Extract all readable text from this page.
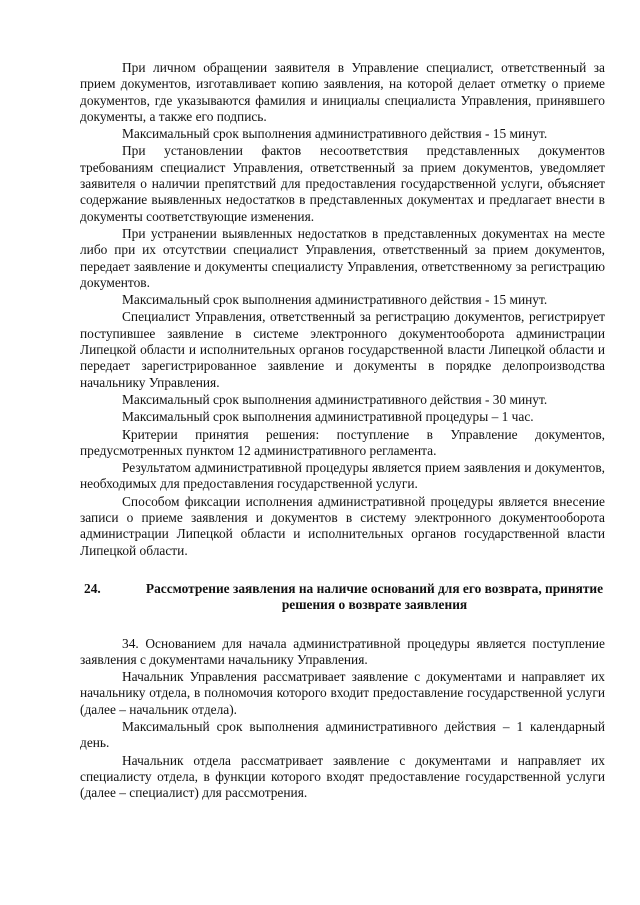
При личном обращении заявителя в Управление специалист, ответственный за прием документов, изготавливает копию заявления, на которой делает отметку о приеме документов, где указываются фамилия и инициалы специалиста Управления, принявшего документы, а также его подпись.

Максимальный срок выполнения административного действия - 15 минут.

При установлении фактов несоответствия представленных документов требованиям специалист Управления, ответственный за прием документов, уведомляет заявителя о наличии препятствий для предоставления государственной услуги, объясняет содержание выявленных недостатков в представленных документах и предлагает внести в документы соответствующие изменения.

При устранении выявленных недостатков в представленных документах на месте либо при их отсутствии специалист Управления, ответственный за прием документов, передает заявление и документы специалисту Управления, ответственному за регистрацию документов.

Максимальный срок выполнения административного действия - 15 минут.

Специалист Управления, ответственный за регистрацию документов, регистрирует поступившее заявление в системе электронного документооборота администрации Липецкой области и исполнительных органов государственной власти Липецкой области и передает зарегистрированное заявление и документы в порядке делопроизводства начальнику Управления.

Максимальный срок выполнения административного действия - 30 минут.

Максимальный срок выполнения административной процедуры – 1 час.

Критерии принятия решения: поступление в Управление документов, предусмотренных пунктом 12 административного регламента.

Результатом административной процедуры является прием заявления и документов, необходимых для предоставления государственной услуги.

Способом фиксации исполнения административной процедуры является внесение записи о приеме заявления и документов в систему электронного документооборота администрации Липецкой области и исполнительных органов государственной власти Липецкой области.

24.	Рассмотрение заявления на наличие оснований для его возврата, принятие решения о возврате заявления

34. Основанием для начала административной процедуры является поступление заявления с документами начальнику Управления.

Начальник Управления рассматривает заявление с документами и направляет их начальнику отдела, в полномочия которого входит предоставление государственной услуги (далее – начальник отдела).

Максимальный срок выполнения административного действия – 1 календарный день.

Начальник отдела рассматривает заявление с документами и направляет их специалисту отдела, в функции которого входят предоставление государственной услуги (далее – специалист) для рассмотрения.
